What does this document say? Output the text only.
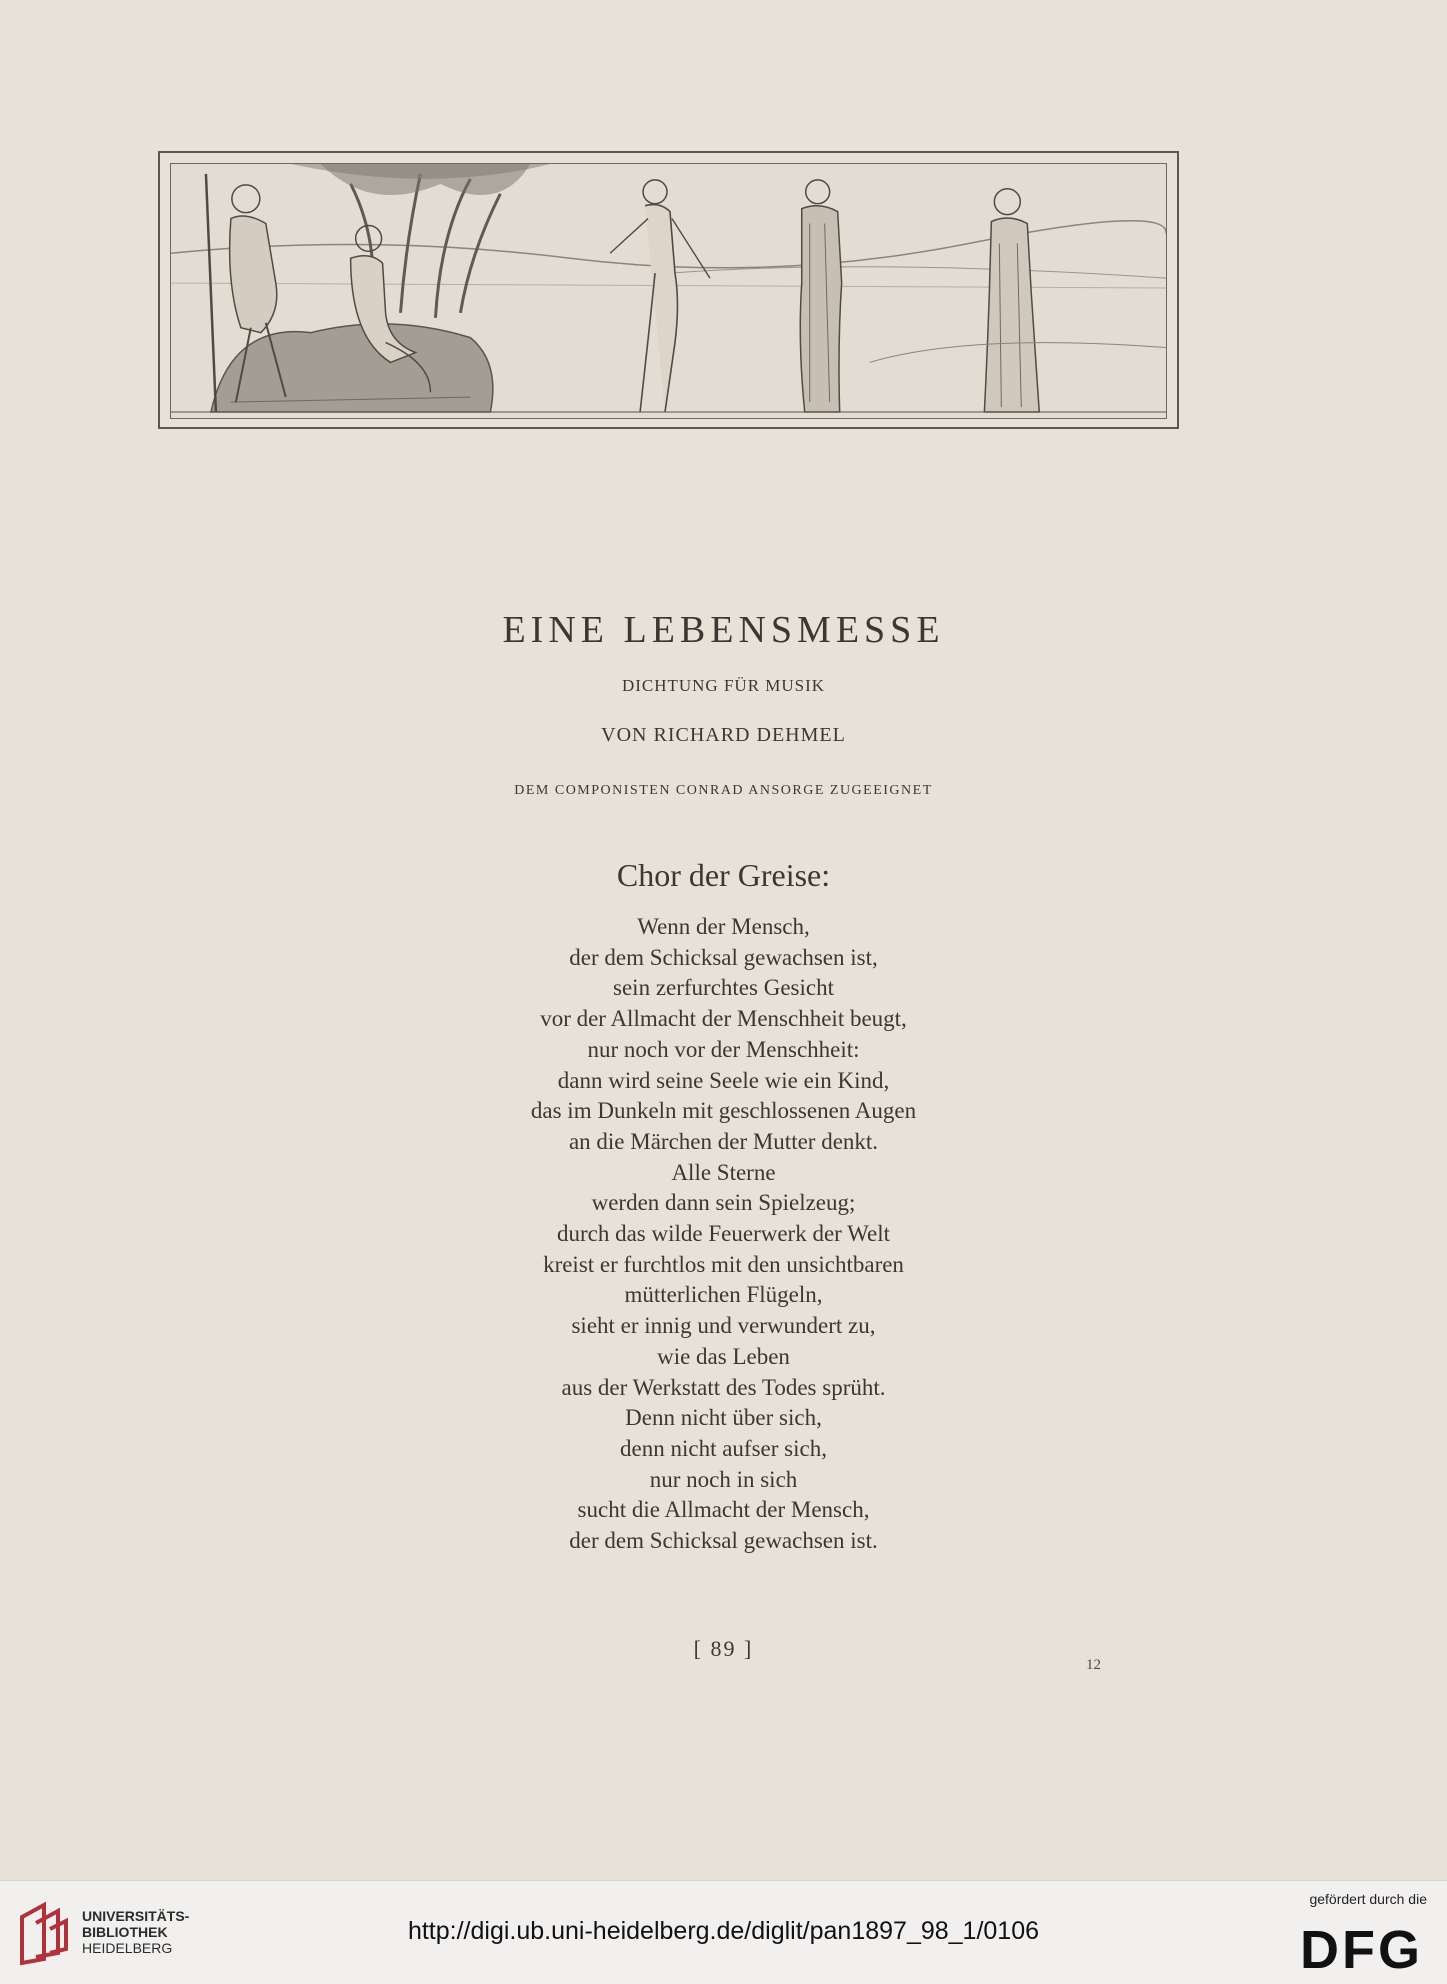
EINE LEBENSMESSE
DICHTUNG FÜR MUSIK
VON RICHARD DEHMEL
DEM COMPONISTEN CONRAD ANSORGE ZUGEEIGNET
Chor der Greise:
Wenn der Mensch,
der dem Schicksal gewachsen ist,
sein zerfurchtes Gesicht
vor der Allmacht der Menschheit beugt,
nur noch vor der Menschheit:
dann wird seine Seele wie ein Kind,
das im Dunkeln mit geschlossenen Augen
an die Märchen der Mutter denkt.
Alle Sterne
werden dann sein Spielzeug;
durch das wilde Feuerwerk der Welt
kreist er furchtlos mit den unsichtbaren
mütterlichen Flügeln,
sieht er innig und verwundert zu,
wie das Leben
aus der Werkstatt des Todes sprüht.
Denn nicht über sich,
denn nicht aufser sich,
nur noch in sich
sucht die Allmacht der Mensch,
der dem Schicksal gewachsen ist.
[ 89 ]
12
UNIVERSITÄTS-
BIBLIOTHEK
HEIDELBERG
http://digi.ub.uni-heidelberg.de/diglit/pan1897_98_1/0106
gefördert durch die
DFG
